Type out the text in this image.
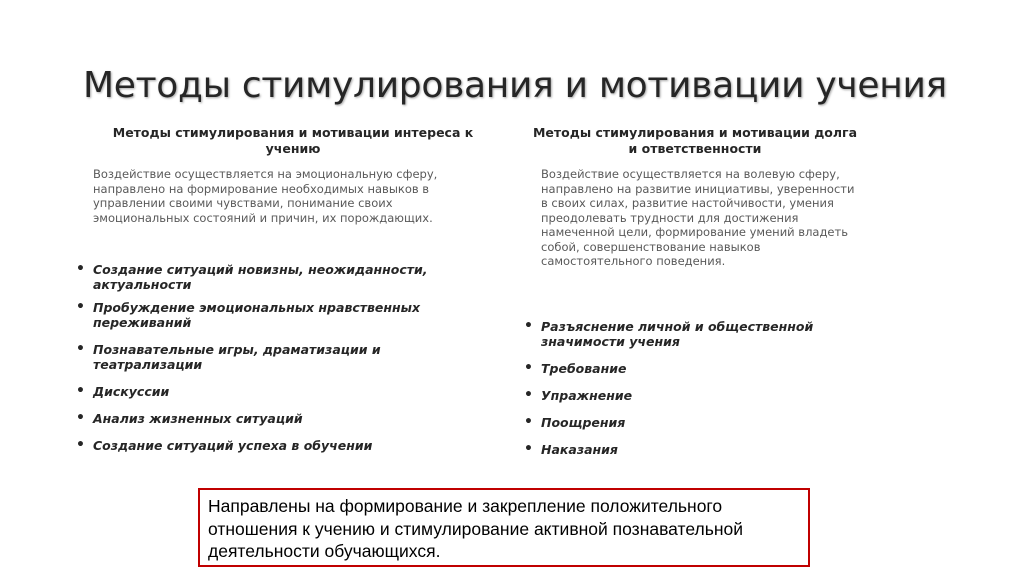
Методы стимулирования и мотивации учения
Методы стимулирования и мотивации интереса к учению

Воздействие осуществляется на эмоциональную сферу, направлено на формирование необходимых навыков в управлении своими чувствами, понимание своих эмоциональных состояний и причин, их порождающих.

• Создание ситуаций новизны, неожиданности, актуальности
• Пробуждение эмоциональных нравственных переживаний
• Познавательные игры, драматизации и театрализации
• Дискуссии
• Анализ жизненных ситуаций
• Создание ситуаций успеха в обучении
Методы стимулирования и мотивации долга и ответственности

Воздействие осуществляется на волевую сферу, направлено на развитие инициативы, уверенности в своих силах, развитие настойчивости, умения преодолевать трудности для достижения намеченной цели, формирование умений владеть собой, совершенствование навыков самостоятельного поведения.

• Разъяснение личной и общественной значимости учения
• Требование
• Упражнение
• Поощрения
• Наказания

Направлены на формирование и закрепление положительного отношения к учению и стимулирование активной познавательной деятельности обучающихся.
